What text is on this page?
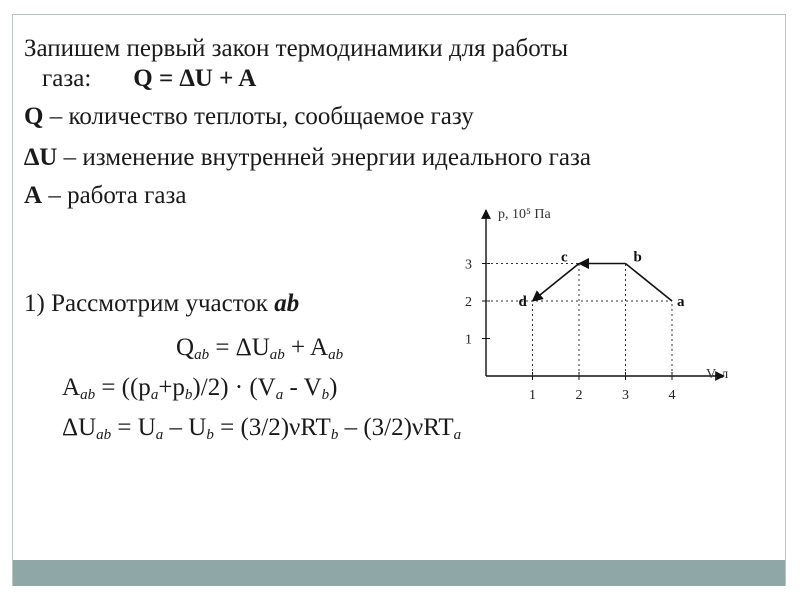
Запишем первый закон термодинамики для работы
газа: Q = ∆U + A
Q – количество теплоты, сообщаемое газу
∆U – изменение внутренней энергии идеального газа
A – работа газа
1) Рассмотрим участок ab
$Q_{ab} = \Delta U_{ab} + A_{ab}$
$A_{ab} = ((p_a+p_b)/2) \cdot (V_a - V_b)$
$\Delta U_{ab} = U_a - U_b = (3/2)\nu RT_b - (3/2)\nu RT_a$
1	2	3	4
1
2
3
a
b
c
d
р, 10⁵ Па
V, л
